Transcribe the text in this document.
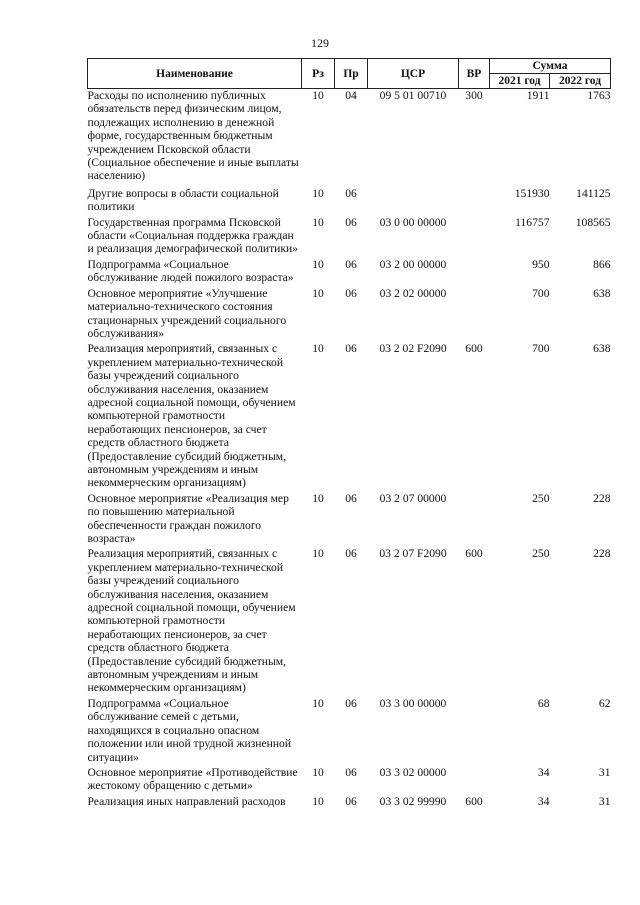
129
Наименование	Рз	Пр	ЦСР	ВР	Сумма	
					2021 год	2022 год
Расходы по исполнению публичных обязательств перед физическим лицом, подлежащих исполнению в денежной форме, государственным бюджетным учреждением Псковской области (Социальное обеспечение и иные выплаты населению)	10	04	09 5 01 00710	300	1911	1763
Другие вопросы в области социальной политики	10	06			151930	141125
Государственная программа Псковской области «Социальная поддержка граждан и реализация демографической политики»	10	06	03 0 00 00000		116757	108565
Подпрограмма «Социальное обслуживание людей пожилого возраста»	10	06	03 2 00 00000		950	866
Основное мероприятие «Улучшение материально-технического состояния стационарных учреждений социального обслуживания»	10	06	03 2 02 00000		700	638
Реализация мероприятий, связанных с укреплением материально-технической базы учреждений социального обслуживания населения, оказанием адресной социальной помощи, обучением компьютерной грамотности неработающих пенсионеров, за счет средств областного бюджета (Предоставление субсидий бюджетным, автономным учреждениям и иным некоммерческим организациям)	10	06	03 2 02 F2090	600	700	638
Основное мероприятие «Реализация мер по повышению материальной обеспеченности граждан пожилого возраста»	10	06	03 2 07 00000		250	228
Реализация мероприятий, связанных с укреплением материально-технической базы учреждений социального обслуживания населения, оказанием адресной социальной помощи, обучением компьютерной грамотности неработающих пенсионеров, за счет средств областного бюджета (Предоставление субсидий бюджетным, автономным учреждениям и иным некоммерческим организациям)	10	06	03 2 07 F2090	600	250	228
Подпрограмма «Социальное обслуживание семей с детьми, находящихся в социально опасном положении или иной трудной жизненной ситуации»	10	06	03 3 00 00000		68	62
Основное мероприятие «Противодействие жестокому обращению с детьми»	10	06	03 3 02 00000		34	31
Реализация иных направлений расходов	10	06	03 3 02 99990	600	34	31
